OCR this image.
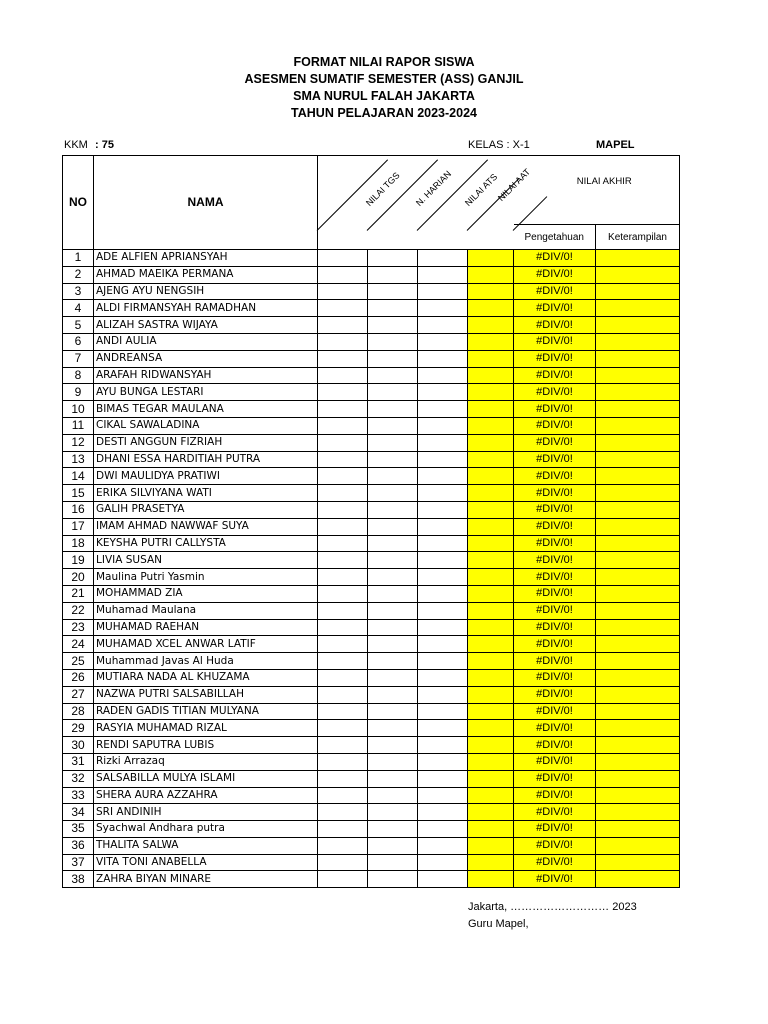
FORMAT NILAI RAPOR SISWA
ASESMEN SUMATIF SEMESTER (ASS) GANJIL
SMA NURUL FALAH JAKARTA
TAHUN PELAJARAN 2023-2024
KKM : 75	KELAS : X-1	MAPEL
NO	NAMA					NILAI AKHIR	
						Pengetahuan	Keterampilan
1	ADE ALFIEN APRIANSYAH					#DIV/0!	
2	AHMAD MAEIKA PERMANA					#DIV/0!	
3	AJENG AYU NENGSIH					#DIV/0!	
4	ALDI FIRMANSYAH RAMADHAN					#DIV/0!	
5	ALIZAH SASTRA WIJAYA					#DIV/0!	
6	ANDI AULIA					#DIV/0!	
7	ANDREANSA					#DIV/0!	
8	ARAFAH RIDWANSYAH					#DIV/0!	
9	AYU BUNGA LESTARI					#DIV/0!	
10	BIMAS TEGAR MAULANA					#DIV/0!	
11	CIKAL SAWALADINA					#DIV/0!	
12	DESTI ANGGUN FIZRIAH					#DIV/0!	
13	DHANI ESSA HARDITIAH PUTRA					#DIV/0!	
14	DWI MAULIDYA PRATIWI					#DIV/0!	
15	ERIKA SILVIYANA WATI					#DIV/0!	
16	GALIH PRASETYA					#DIV/0!	
17	IMAM AHMAD NAWWAF SUYA					#DIV/0!	
18	KEYSHA PUTRI CALLYSTA					#DIV/0!	
19	LIVIA SUSAN					#DIV/0!	
20	Maulina Putri Yasmin					#DIV/0!	
21	MOHAMMAD ZIA					#DIV/0!	
22	Muhamad Maulana					#DIV/0!	
23	MUHAMAD RAEHAN					#DIV/0!	
24	MUHAMAD XCEL ANWAR LATIF					#DIV/0!	
25	Muhammad Javas Al Huda					#DIV/0!	
26	MUTIARA NADA AL KHUZAMA					#DIV/0!	
27	NAZWA PUTRI SALSABILLAH					#DIV/0!	
28	RADEN GADIS TITIAN MULYANA					#DIV/0!	
29	RASYIA MUHAMAD RIZAL					#DIV/0!	
30	RENDI SAPUTRA LUBIS					#DIV/0!	
31	Rizki Arrazaq					#DIV/0!	
32	SALSABILLA MULYA ISLAMI					#DIV/0!	
33	SHERA AURA AZZAHRA					#DIV/0!	
34	SRI ANDINIH					#DIV/0!	
35	Syachwal Andhara putra					#DIV/0!	
36	THALITA SALWA					#DIV/0!	
37	VITA TONI ANABELLA					#DIV/0!	
38	ZAHRA BIYAN MINARE					#DIV/0!	
NILAI TGS N. HARIAN NILAI ATS
NILAI AAT
Jakarta, ……………………… 2023
Guru Mapel,
